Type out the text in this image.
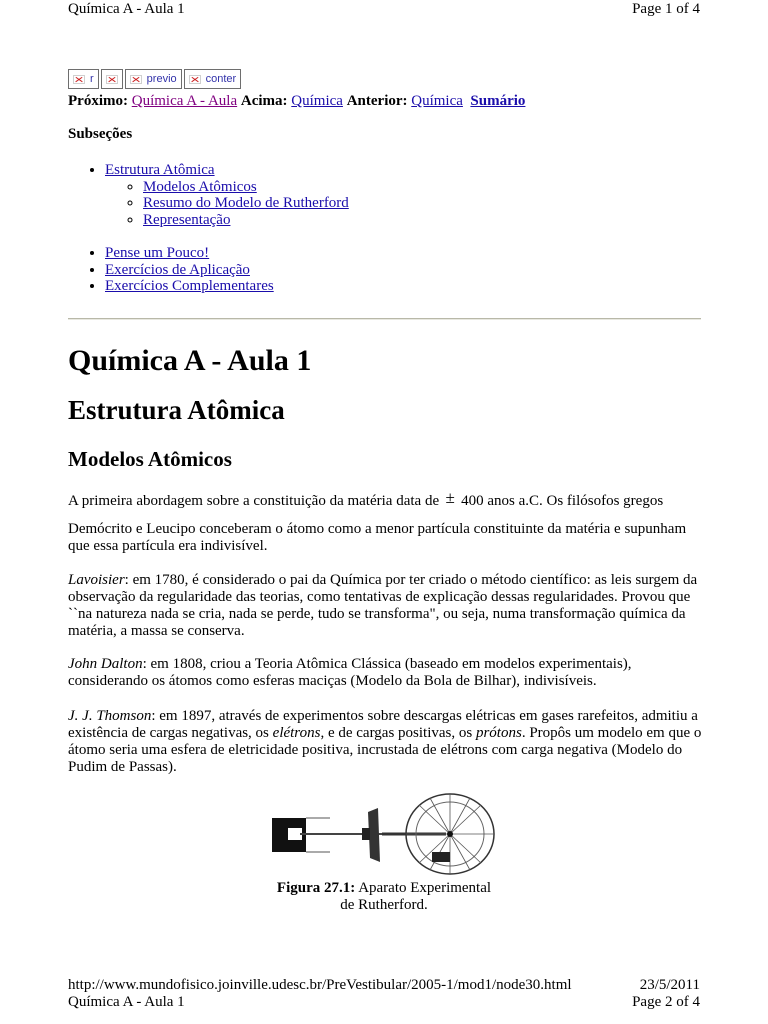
Química A - Aula 1	Page 1 of 4
r	previo	conter
Próximo: Química A - Aula Acima: Química Anterior: Química Sumário
Subseções
• Estrutura Atômica
◦ Modelos Atômicos
◦ Resumo do Modelo de Rutherford
◦ Representação
• Pense um Pouco!
• Exercícios de Aplicação
• Exercícios Complementares
Química A - Aula 1
Estrutura Atômica
Modelos Atômicos
A primeira abordagem sobre a constituição da matéria data de ± 400 anos a.C. Os filósofos gregos
Demócrito e Leucipo conceberam o átomo como a menor partícula constituinte da matéria e supunham que essa partícula era indivisível.
Lavoisier: em 1780, é considerado o pai da Química por ter criado o método científico: as leis surgem da observação da regularidade das teorias, como tentativas de explicação dessas regularidades. Provou que ``na natureza nada se cria, nada se perde, tudo se transforma", ou seja, numa transformação química da matéria, a massa se conserva.
John Dalton: em 1808, criou a Teoria Atômica Clássica (baseado em modelos experimentais), considerando os átomos como esferas maciças (Modelo da Bola de Bilhar), indivisíveis.
J. J. Thomson: em 1897, através de experimentos sobre descargas elétricas em gases rarefeitos, admitiu a existência de cargas negativas, os elétrons, e de cargas positivas, os prótons. Propôs um modelo em que o átomo seria uma esfera de eletricidade positiva, incrustada de elétrons com carga negativa (Modelo do Pudim de Passas).
Figura 27.1: Aparato Experimental
de Rutherford.
http://www.mundofisico.joinville.udesc.br/PreVestibular/2005-1/mod1/node30.html	23/5/2011
Química A - Aula 1	Page 2 of 4
